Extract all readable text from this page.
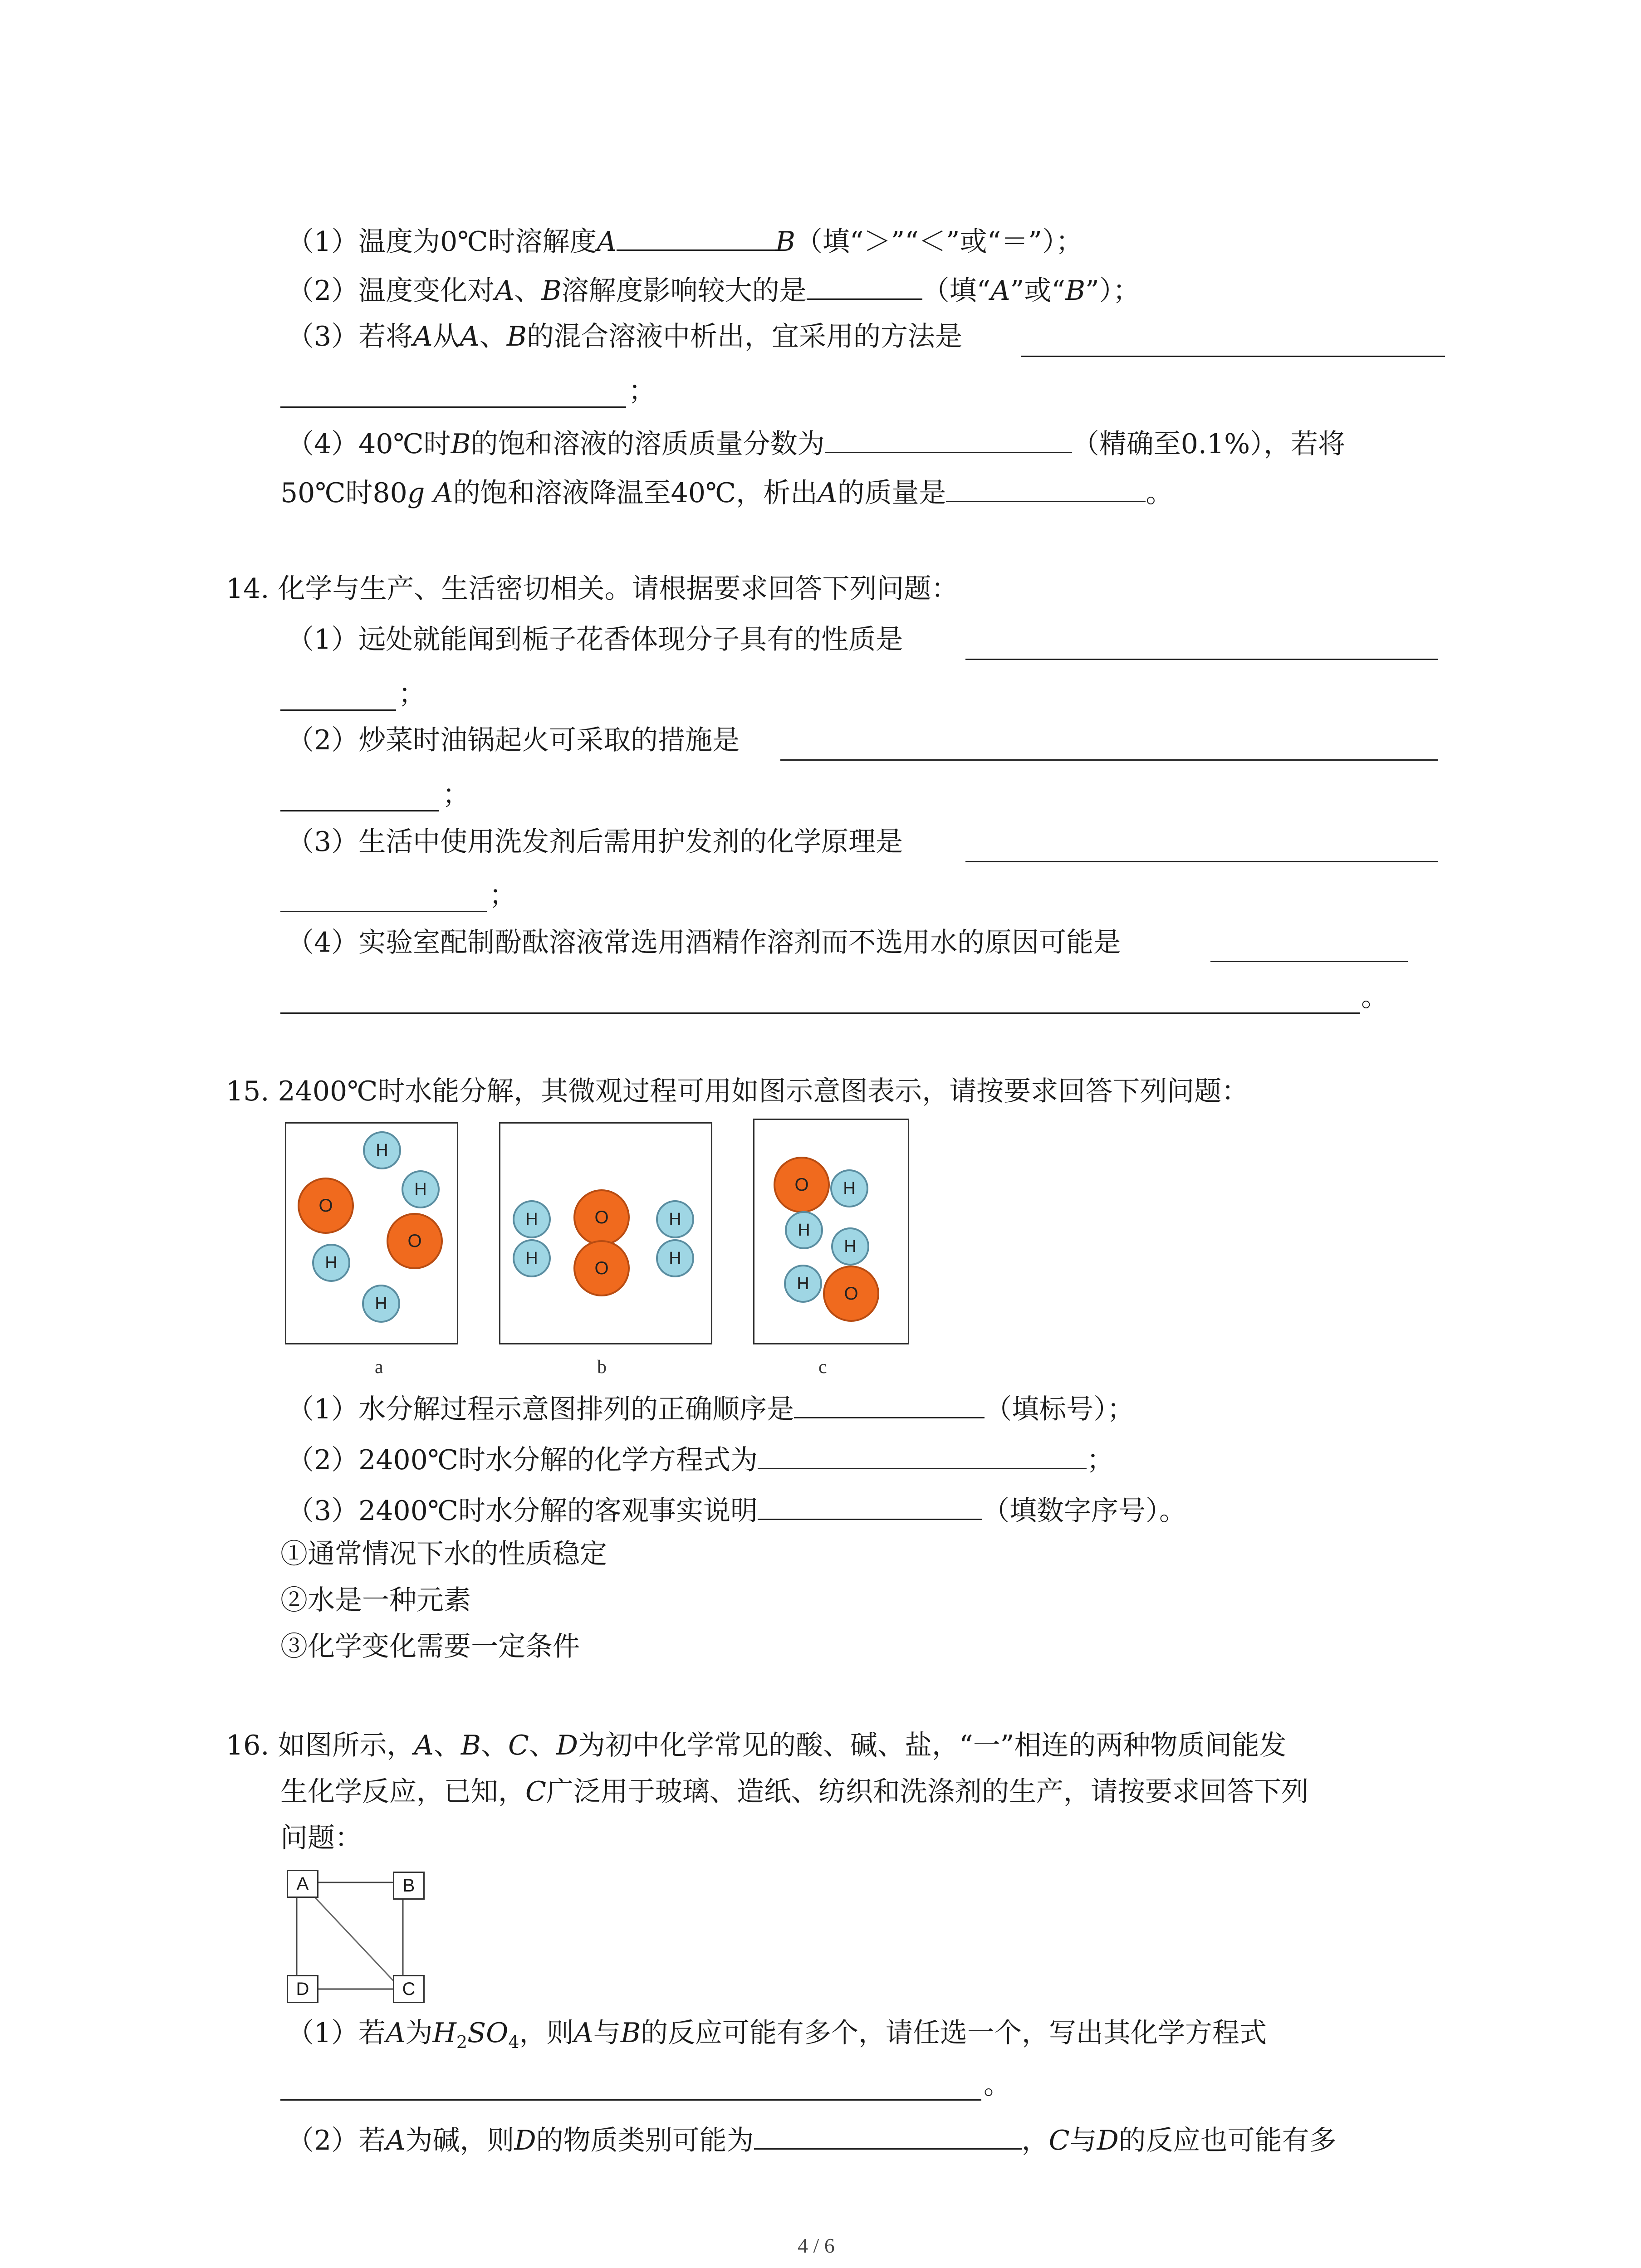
（1）温度为0℃时溶解度A	B（填“＞”“＜”或“＝”）；
（2）温度变化对A、B溶解度影响较大的是	（填“A”或“B”）；
（3）若将A从A、B的混合溶液中析出，宜采用的方法是
；
（4）40℃时B的饱和溶液的溶质质量分数为	（精确至0.1%），若将
50℃时80g A的饱和溶液降温至40℃，析出A的质量是	。
14. 化学与生产、生活密切相关。请根据要求回答下列问题：
（1）远处就能闻到栀子花香体现分子具有的性质是
；
（2）炒菜时油锅起火可采取的措施是
；
（3）生活中使用洗发剂后需用护发剂的化学原理是
；
（4）实验室配制酚酞溶液常选用酒精作溶剂而不选用水的原因可能是
。
15. 2400℃时水能分解，其微观过程可用如图示意图表示，请按要求回答下列问题：
H
H
O
O
H
H
a
H
H
O
O
H
H
b
O H
H
H
H O
c
（1）水分解过程示意图排列的正确顺序是	（填标号）；
（2）2400℃时水分解的化学方程式为	；
（3）2400℃时水分解的客观事实说明	（填数字序号）。
①通常情况下水的性质稳定
②水是一种元素
③化学变化需要一定条件
16. 如图所示，A、B、C、D为初中化学常见的酸、碱、盐，“一”相连的两种物质间能发
生化学反应，已知，C广泛用于玻璃、造纸、纺织和洗涤剂的生产，请按要求回答下列
问题：
A	B
D	C
（1）若A为$H_2SO_4$，则A与B的反应可能有多个，请任选一个，写出其化学方程式
。
（2）若A为碱，则D的物质类别可能为	，C与D的反应也可能有多
4 / 6
